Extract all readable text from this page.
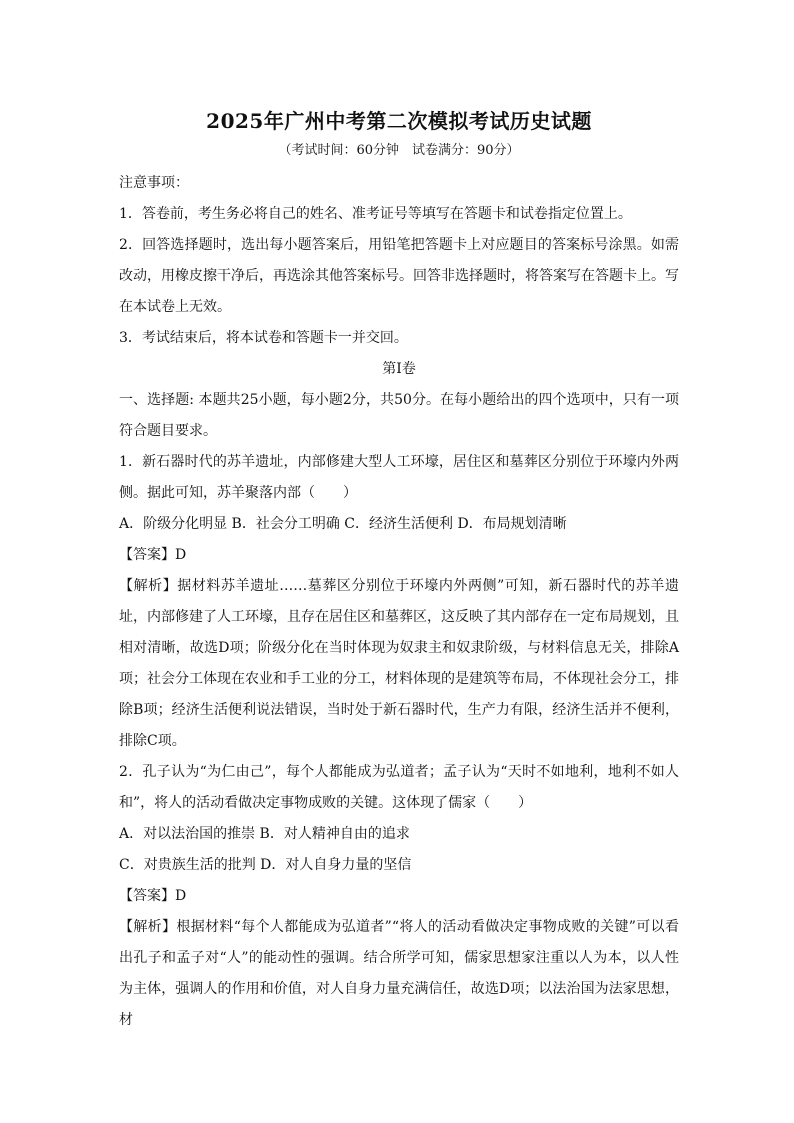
2025年广州中考第二次模拟考试历史试题
（考试时间：60分钟　试卷满分：90分）

注意事项：

1．答卷前，考生务必将自己的姓名、准考证号等填写在答题卡和试卷指定位置上。

2．回答选择题时，选出每小题答案后，用铅笔把答题卡上对应题目的答案标号涂黑。如需改动，用橡皮擦干净后，再选涂其他答案标号。回答非选择题时，将答案写在答题卡上。写在本试卷上无效。

3．考试结束后，将本试卷和答题卡一并交回。

第Ⅰ卷

一、选择题: 本题共25小题，每小题2分，共50分。在每小题给出的四个选项中，只有一项符合题目要求。

1．新石器时代的苏羊遗址，内部修建大型人工环壕，居住区和墓葬区分别位于环壕内外两侧。据此可知，苏羊聚落内部（　　）

A．阶级分化明显 B．社会分工明确 C．经济生活便利 D．布局规划清晰

【答案】D

【解析】据材料苏羊遗址……墓葬区分别位于环壕内外两侧”可知，新石器时代的苏羊遗址，内部修建了人工环壕，且存在居住区和墓葬区，这反映了其内部存在一定布局规划，且相对清晰，故选D项；阶级分化在当时体现为奴隶主和奴隶阶级，与材料信息无关，排除A项；社会分工体现在农业和手工业的分工，材料体现的是建筑等布局，不体现社会分工，排除B项；经济生活便利说法错误，当时处于新石器时代，生产力有限，经济生活并不便利，排除C项。

2．孔子认为“为仁由己”，每个人都能成为弘道者；孟子认为“天时不如地利，地利不如人和”，将人的活动看做决定事物成败的关键。这体现了儒家（　　）

A．对以法治国的推崇 B．对人精神自由的追求

C．对贵族生活的批判 D．对人自身力量的坚信

【答案】D

【解析】根据材料“每个人都能成为弘道者”“将人的活动看做决定事物成败的关键”可以看出孔子和孟子对“人”的能动性的强调。结合所学可知，儒家思想家注重以人为本，以人性为主体，强调人的作用和价值，对人自身力量充满信任，故选D项；以法治国为法家思想，材
